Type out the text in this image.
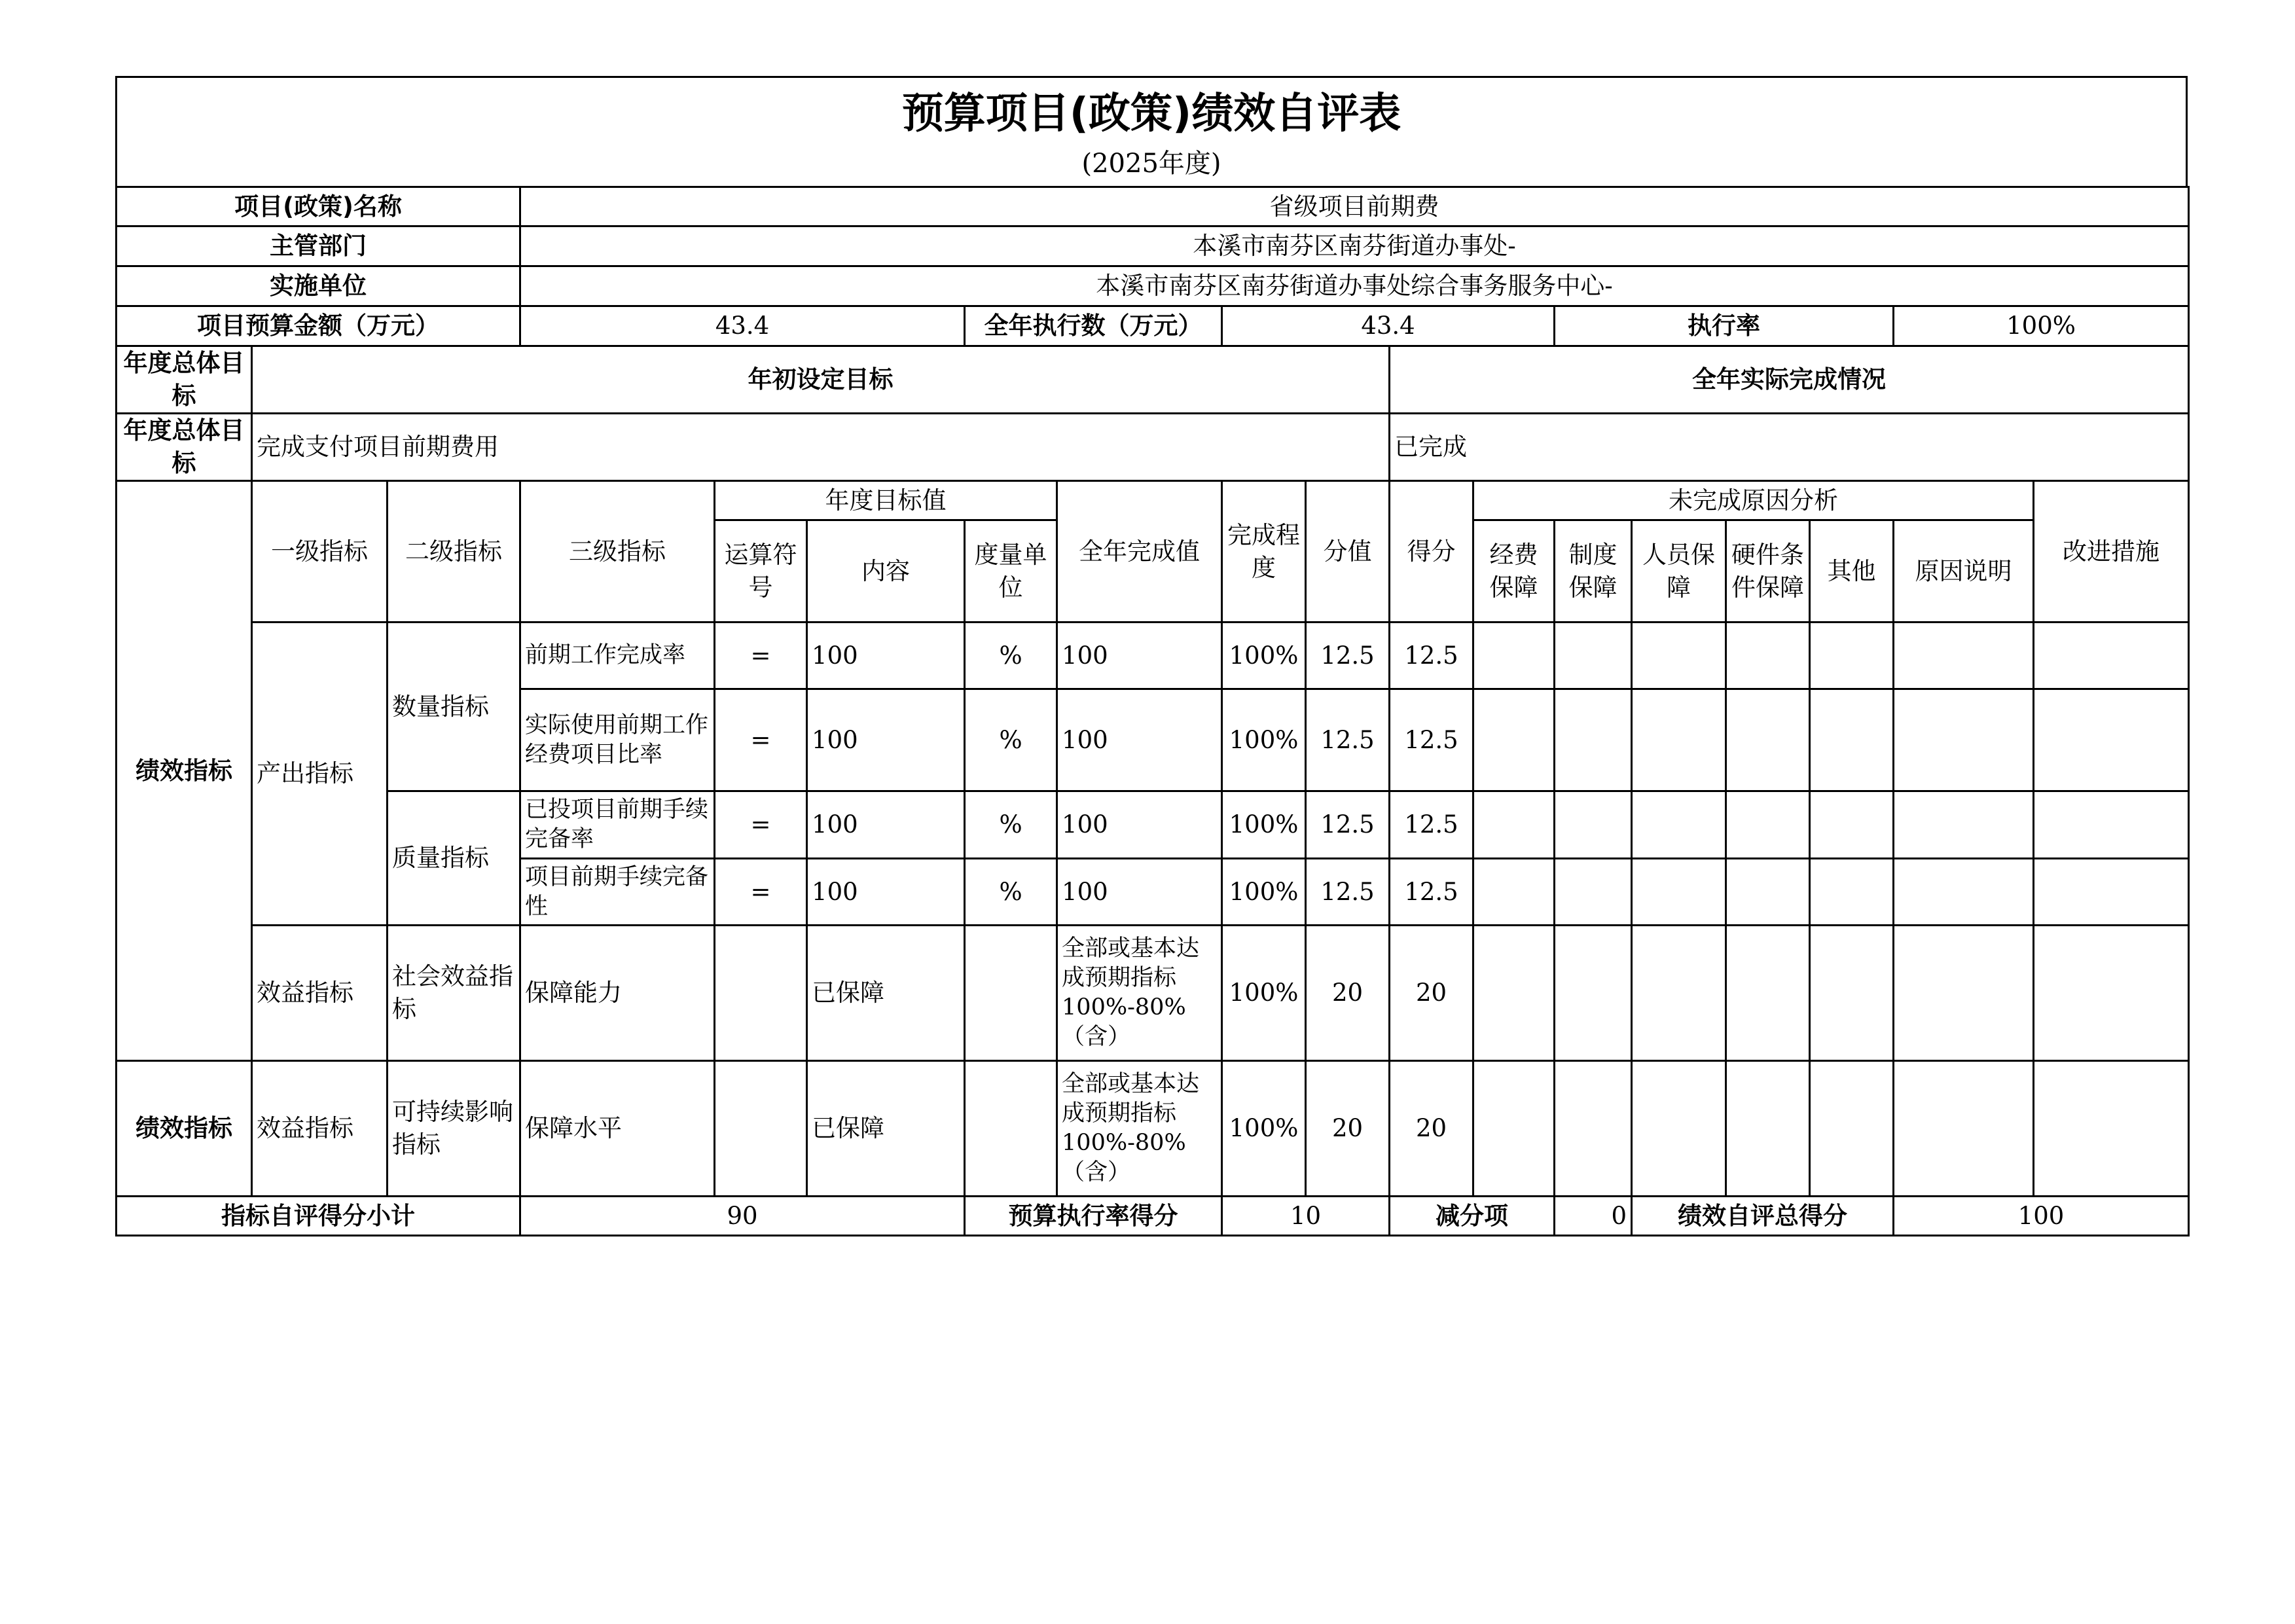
预算项目(政策)绩效自评表
(2025年度)
项目(政策)名称			省级项目前期费														
主管部门			本溪市南芬区南芬街道办事处-														
实施单位			本溪市南芬区南芬街道办事处综合事务服务中心-														
项目预算金额（万元）			43.4			全年执行数（万元）		43.4				执行率				100%	
年度总体目标	年初设定目标									全年实际完成情况							
年度总体目标	完成支付项目前期费用									已完成							
绩效指标	一级指标	二级指标	三级指标	年度目标值			全年完成值	完成程度	分值	得分	未完成原因分析						改进措施
				运算符号	内容	度量单位					经费保障	制度保障	人员保障	硬件条件保障	其他	原因说明	
	产出指标	数量指标	前期工作完成率	=	100	%	100	100%	12.5	12.5							
			实际使用前期工作经费项目比率	=	100	%	100	100%	12.5	12.5							
		质量指标	已投项目前期手续完备率	=	100	%	100	100%	12.5	12.5							
			项目前期手续完备性	=	100	%	100	100%	12.5	12.5							
	效益指标	社会效益指标	保障能力		已保障		全部或基本达成预期指标100%-80%（含）	100%	20	20							
绩效指标	效益指标	可持续影响指标	保障水平		已保障		全部或基本达成预期指标100%-80%（含）	100%	20	20							
指标自评得分小计			90			预算执行率得分		10		减分项		0	绩效自评总得分			100	
